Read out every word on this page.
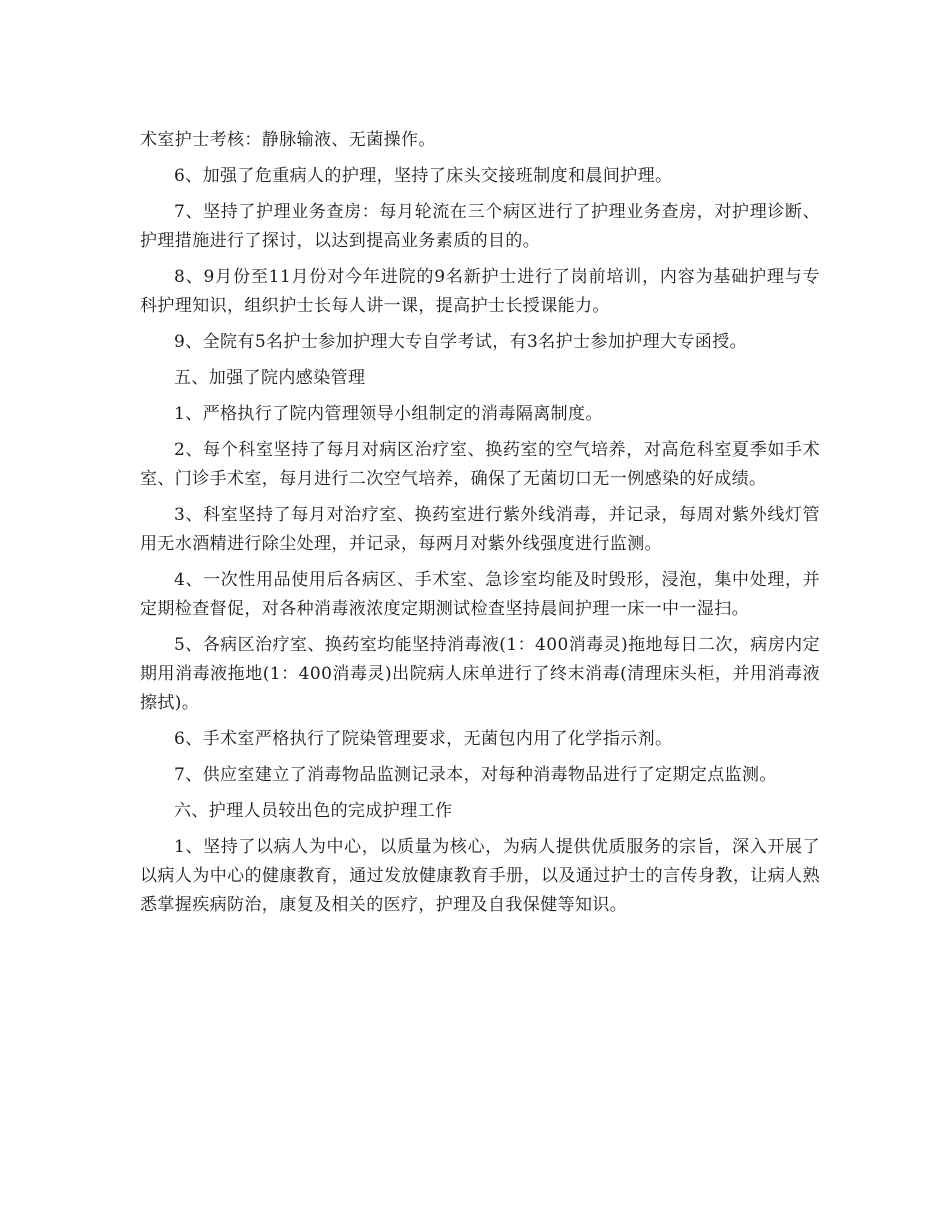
术室护士考核：静脉输液、无菌操作。

6、加强了危重病人的护理，坚持了床头交接班制度和晨间护理。

7、坚持了护理业务查房：每月轮流在三个病区进行了护理业务查房，对护理诊断、护理措施进行了探讨，以达到提高业务素质的目的。

8、9月份至11月份对今年进院的9名新护士进行了岗前培训，内容为基础护理与专科护理知识，组织护士长每人讲一课，提高护士长授课能力。

9、全院有5名护士参加护理大专自学考试，有3名护士参加护理大专函授。

五、加强了院内感染管理

1、严格执行了院内管理领导小组制定的消毒隔离制度。

2、每个科室坚持了每月对病区治疗室、换药室的空气培养，对高危科室夏季如手术室、门诊手术室，每月进行二次空气培养，确保了无菌切口无一例感染的好成绩。

3、科室坚持了每月对治疗室、换药室进行紫外线消毒，并记录，每周对紫外线灯管用无水酒精进行除尘处理，并记录，每两月对紫外线强度进行监测。

4、一次性用品使用后各病区、手术室、急诊室均能及时毁形，浸泡，集中处理，并定期检查督促，对各种消毒液浓度定期测试检查坚持晨间护理一床一中一湿扫。

5、各病区治疗室、换药室均能坚持消毒液(1：400消毒灵)拖地每日二次，病房内定期用消毒液拖地(1：400消毒灵)出院病人床单进行了终末消毒(清理床头柜，并用消毒液擦拭)。

6、手术室严格执行了院染管理要求，无菌包内用了化学指示剂。

7、供应室建立了消毒物品监测记录本，对每种消毒物品进行了定期定点监测。

六、护理人员较出色的完成护理工作

1、坚持了以病人为中心，以质量为核心，为病人提供优质服务的宗旨，深入开展了以病人为中心的健康教育，通过发放健康教育手册，以及通过护士的言传身教，让病人熟悉掌握疾病防治，康复及相关的医疗，护理及自我保健等知识。
